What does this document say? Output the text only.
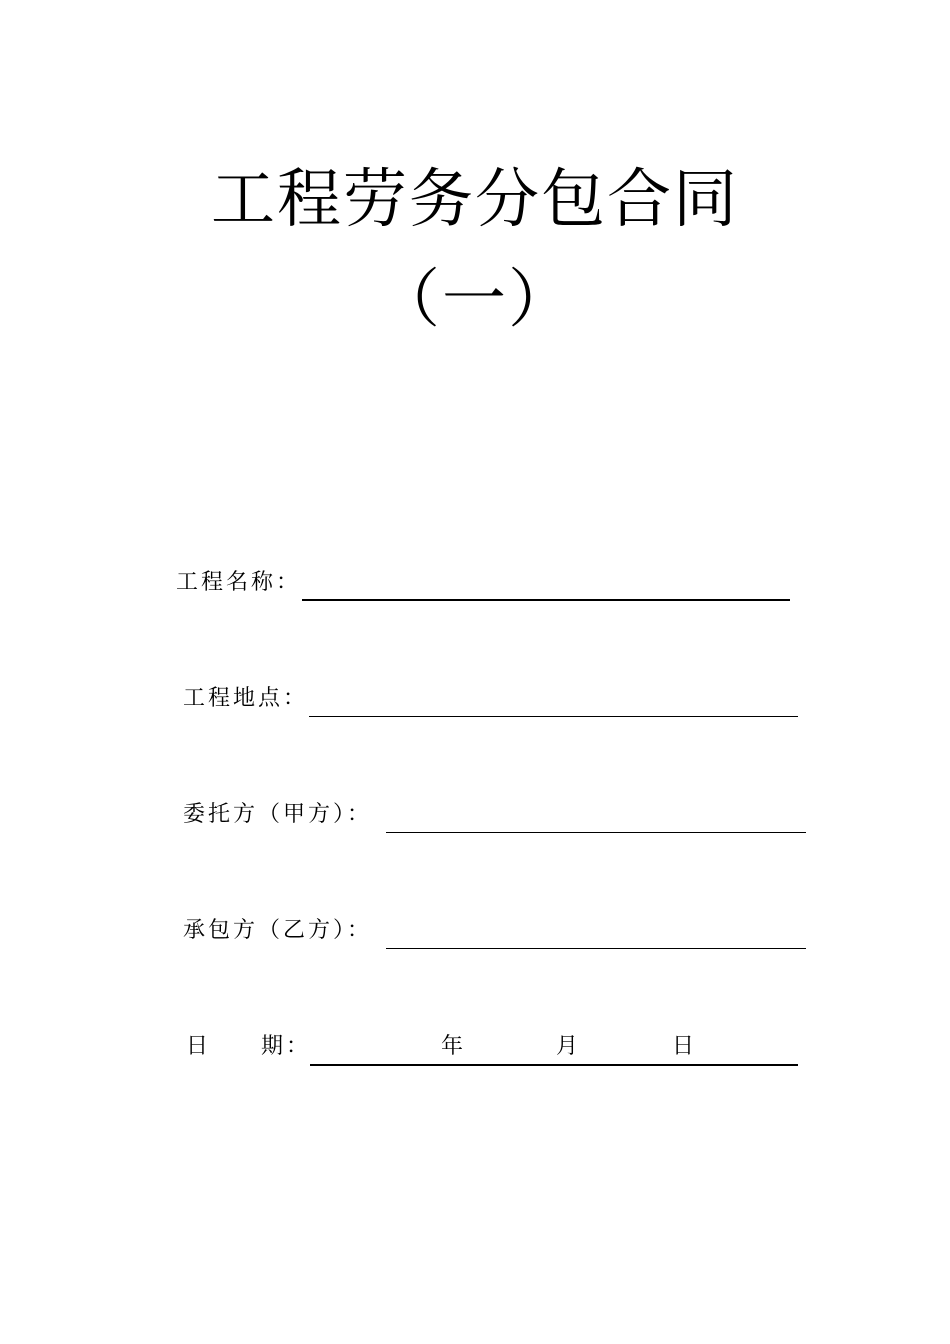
工程劳务分包合同
（一）
工程名称：
工程地点：
委托方（甲方）：
承包方（乙方）：
日　　期：	年	月	日
